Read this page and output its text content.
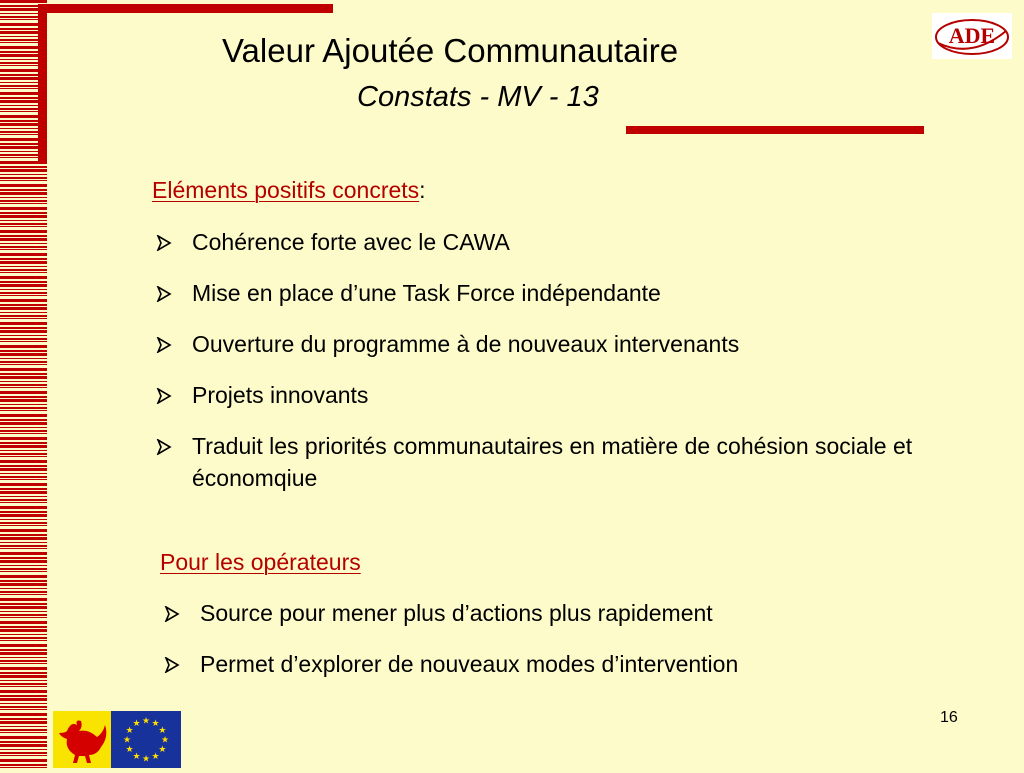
Valeur Ajoutée Communautaire
Constats - MV - 13
ADE
Eléments positifs concrets:
Cohérence forte avec le CAWA
Mise en place d’une Task Force indépendante
Ouverture du programme à de nouveaux intervenants
Projets innovants
Traduit les priorités communautaires en matière de cohésion sociale et économqiue
Pour les opérateurs
Source pour mener plus d’actions plus rapidement
Permet d’explorer de nouveaux modes d’intervention
16
★ ★
★
★
★
★
★
★
★
★
★
★
